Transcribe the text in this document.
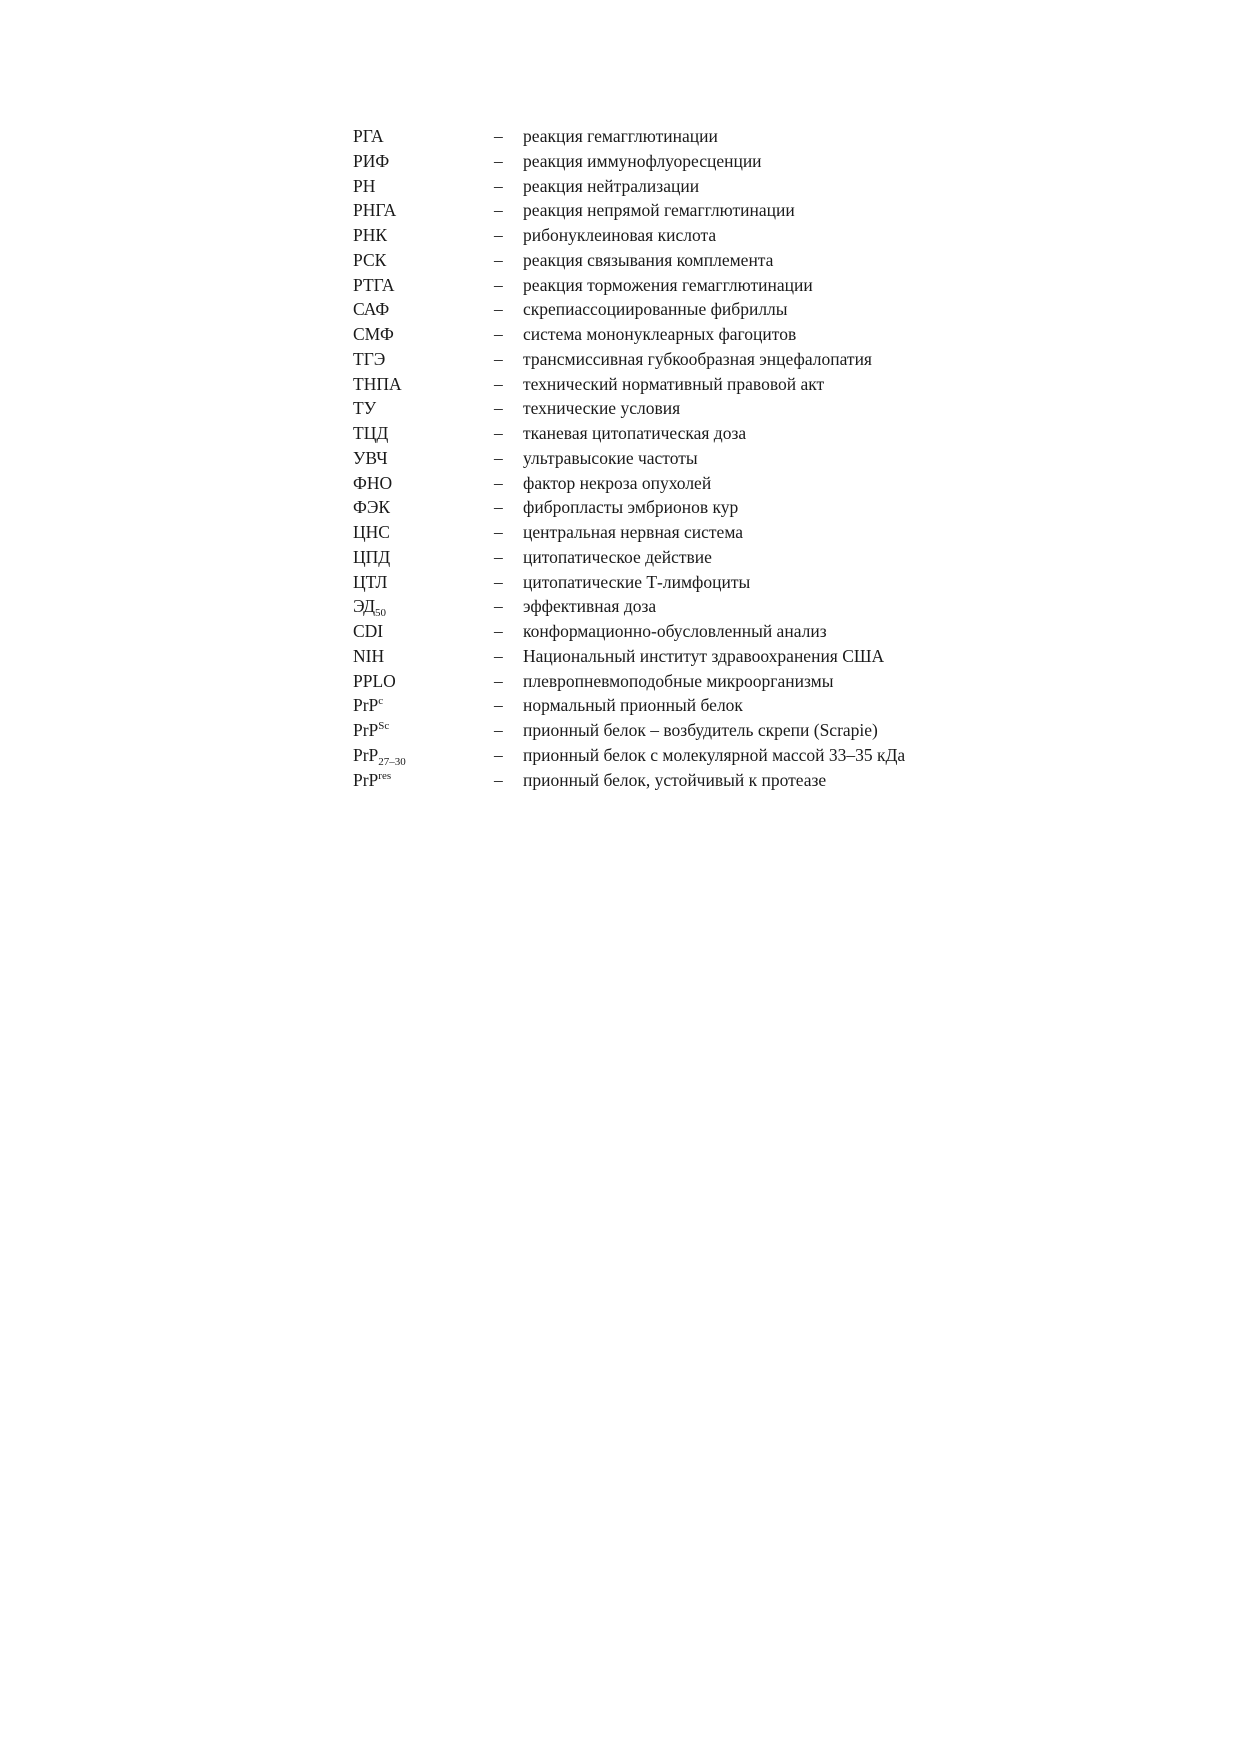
РГА	– реакция гемагглютинации
РИФ	– реакция иммунофлуоресценции
РН	– реакция нейтрализации
РНГА	– реакция непрямой гемагглютинации
РНК	– рибонуклеиновая кислота
РСК	– реакция связывания комплемента
РТГА	– реакция торможения гемагглютинации
САФ	– скрепиассоциированные фибриллы
СМФ	– система мононуклеарных фагоцитов
ТГЭ	– трансмиссивная губкообразная энцефалопатия
ТНПА	– технический нормативный правовой акт
ТУ	– технические условия
ТЦД	– тканевая цитопатическая доза
УВЧ	– ультравысокие частоты
ФНО	– фактор некроза опухолей
ФЭК	– фибропласты эмбрионов кур
ЦНС	– центральная нервная система
ЦПД	– цитопатическое действие
ЦТЛ	– цитопатические Т-лимфоциты
$ЭД_{50}$	– эффективная доза
CDI	– конформационно-обусловленный анализ
NIH	– Национальный институт здравоохранения США
PPLO	– плевропневмоподобные микроорганизмы
PrP$^c$	– нормальный прионный белок
PrP$^{Sc}$	– прионный белок – возбудитель скрепи (Scrapie)
PrP$_{27-30}$	– прионный белок с молекулярной массой 33–35 кДа
PrP$^{res}$	– прионный белок, устойчивый к протеазе
